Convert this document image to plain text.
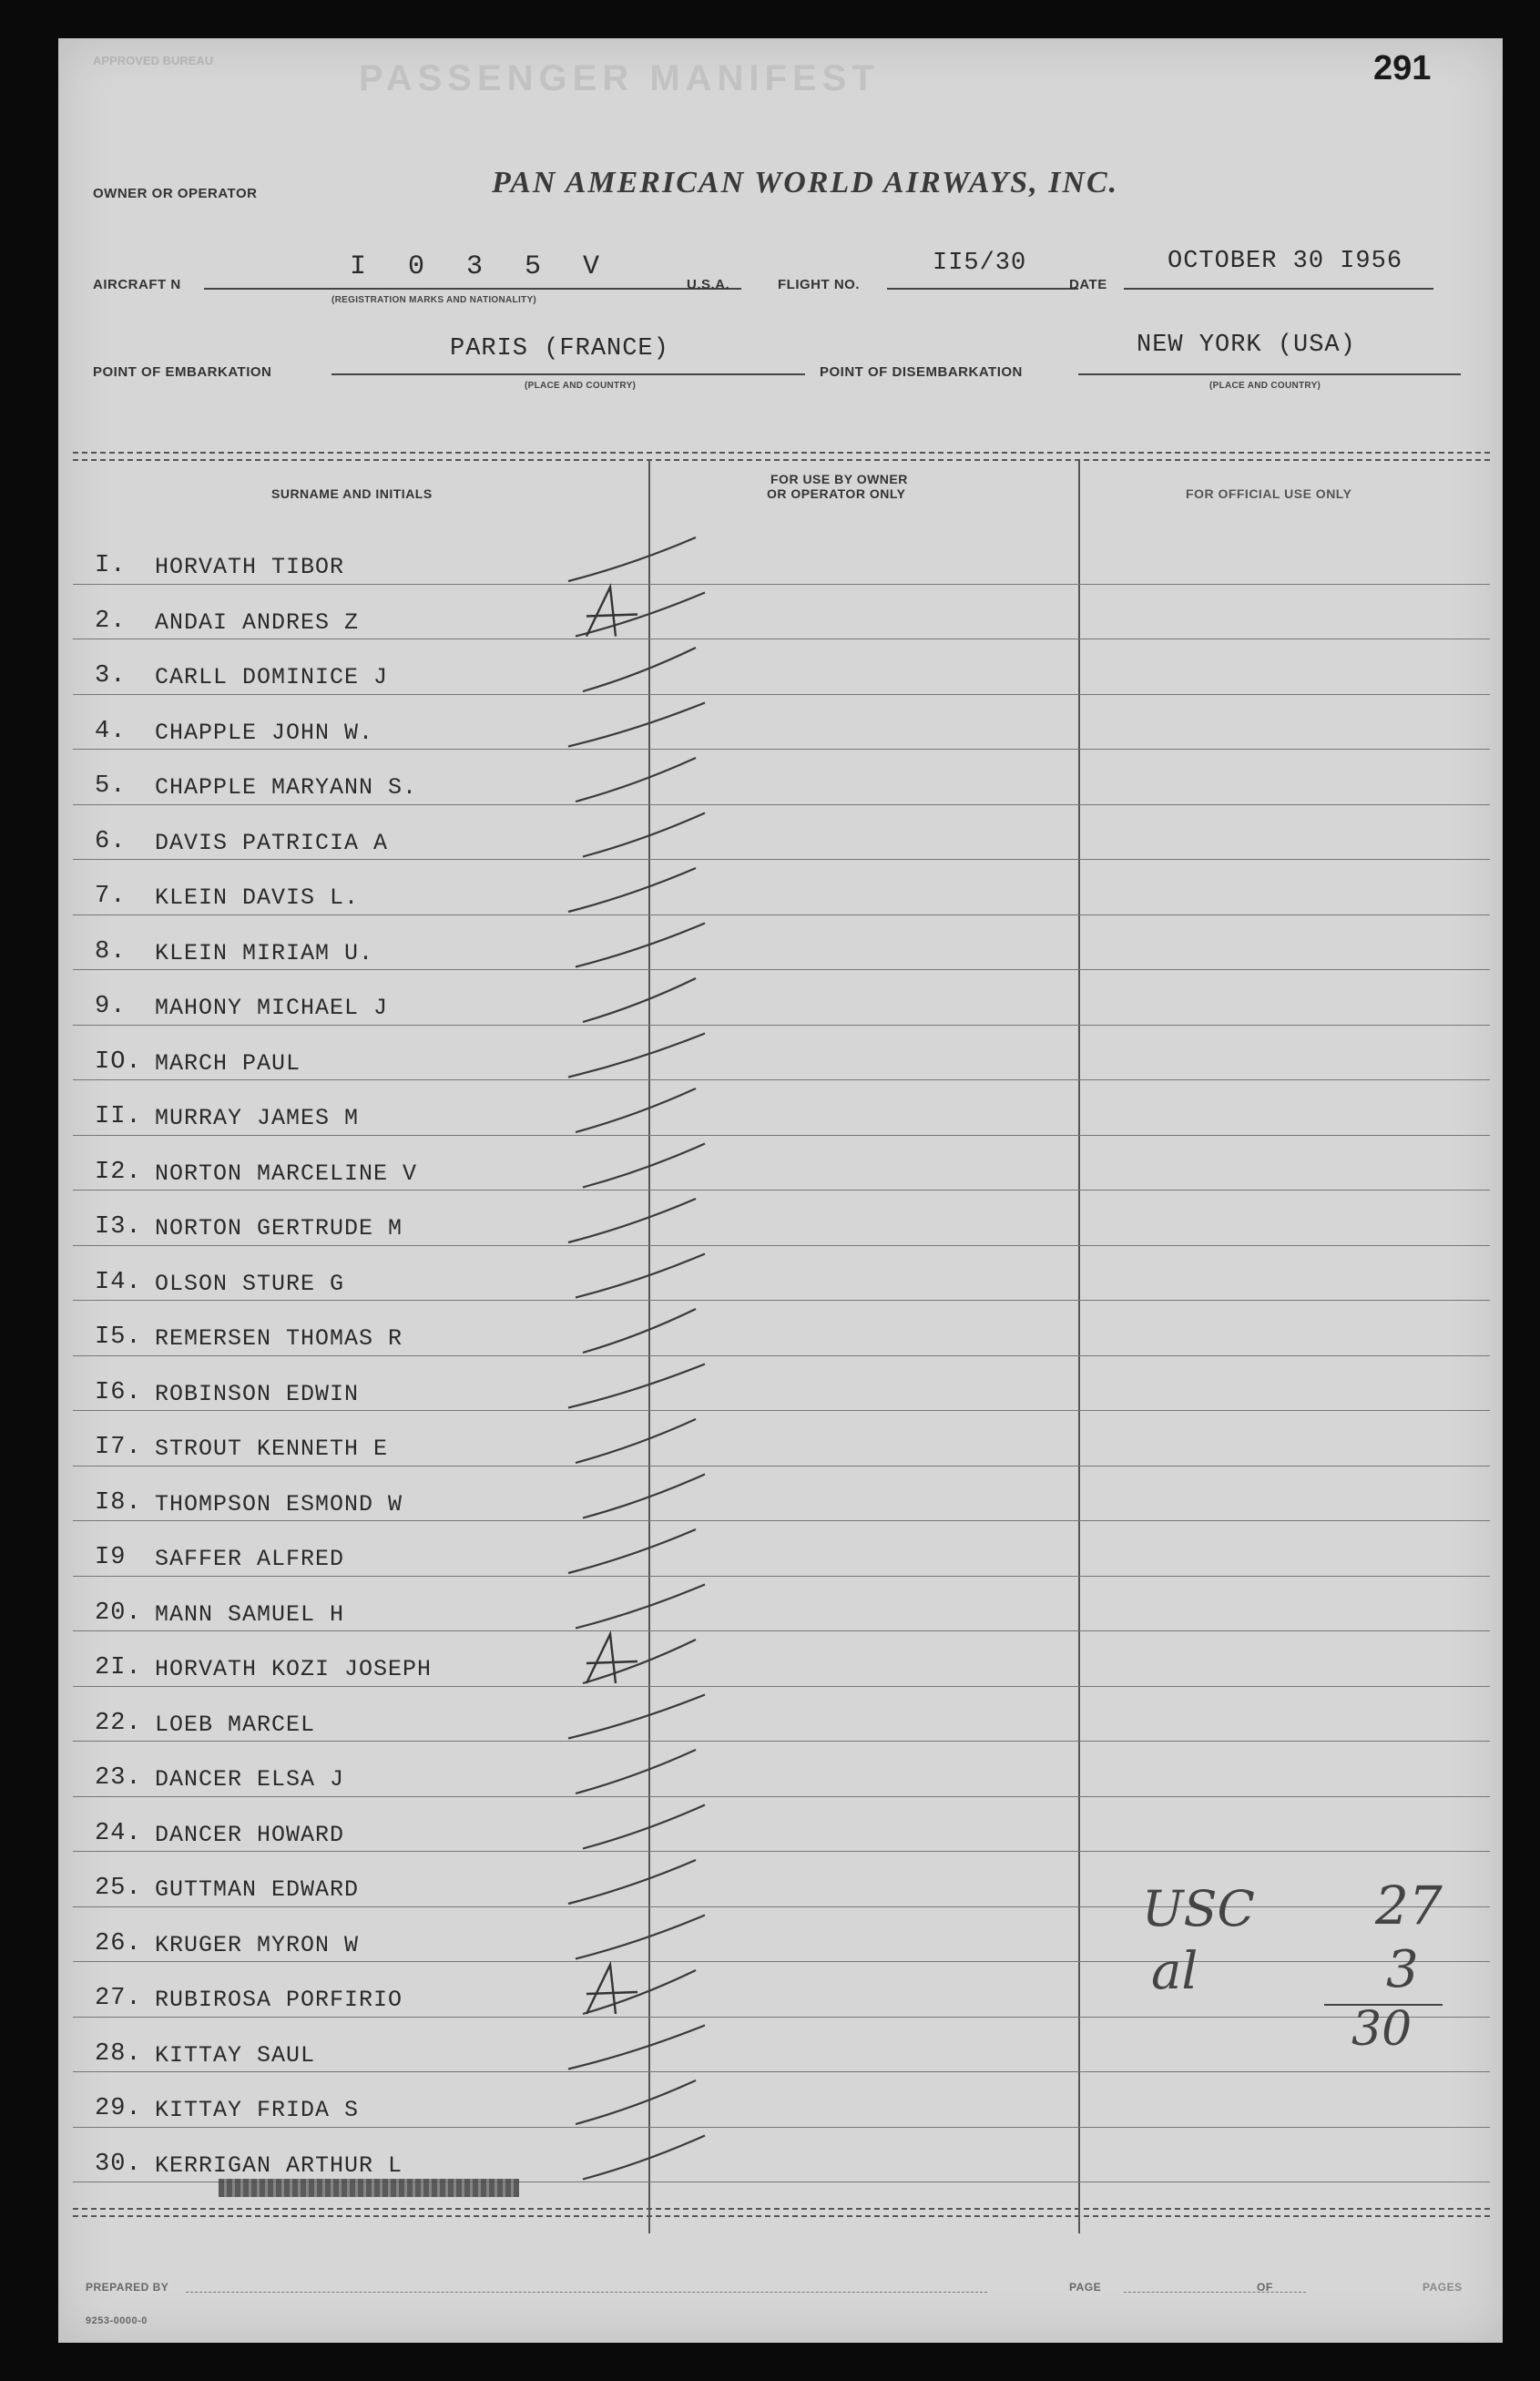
APPROVED BUREAU	PASSENGER MANIFEST	291
OWNER OR OPERATOR	PAN AMERICAN WORLD AIRWAYS, INC.
AIRCRAFT N
I 0 3 5 V
(REGISTRATION MARKS AND NATIONALITY)
U.S.A.	FLIGHT NO.
II5/30
DATE
OCTOBER 30 I956
POINT OF EMBARKATION
PARIS (FRANCE)
(PLACE AND COUNTRY)
POINT OF DISEMBARKATION
NEW YORK (USA)
(PLACE AND COUNTRY)
SURNAME AND INITIALS
FOR USE BY OWNER
OR OPERATOR ONLY	FOR OFFICIAL USE ONLY
I. HORVATH TIBOR
2. ANDAI ANDRES Z
3. CARLL DOMINICE J
4. CHAPPLE JOHN W.
5. CHAPPLE MARYANN S.
6. DAVIS PATRICIA A
7. KLEIN DAVIS L.
8. KLEIN MIRIAM U.
9. MAHONY MICHAEL J
IO. MARCH PAUL
II. MURRAY JAMES M
I2. NORTON MARCELINE V
I3. NORTON GERTRUDE M
I4. OLSON STURE G
I5. REMERSEN THOMAS R
I6. ROBINSON EDWIN
I7. STROUT KENNETH E
I8. THOMPSON ESMOND W
I9 SAFFER ALFRED
20. MANN SAMUEL H
2I. HORVATH KOZI JOSEPH
22. LOEB MARCEL
23. DANCER ELSA J
24. DANCER HOWARD
25. GUTTMAN EDWARD
26. KRUGER MYRON W
27. RUBIROSA PORFIRIO
28. KITTAY SAUL
29. KITTAY FRIDA S
30. KERRIGAN ARTHUR L
USC 27
al	3
30
PREPARED BY	PAGE	OF	PAGES
9253-0000-0
